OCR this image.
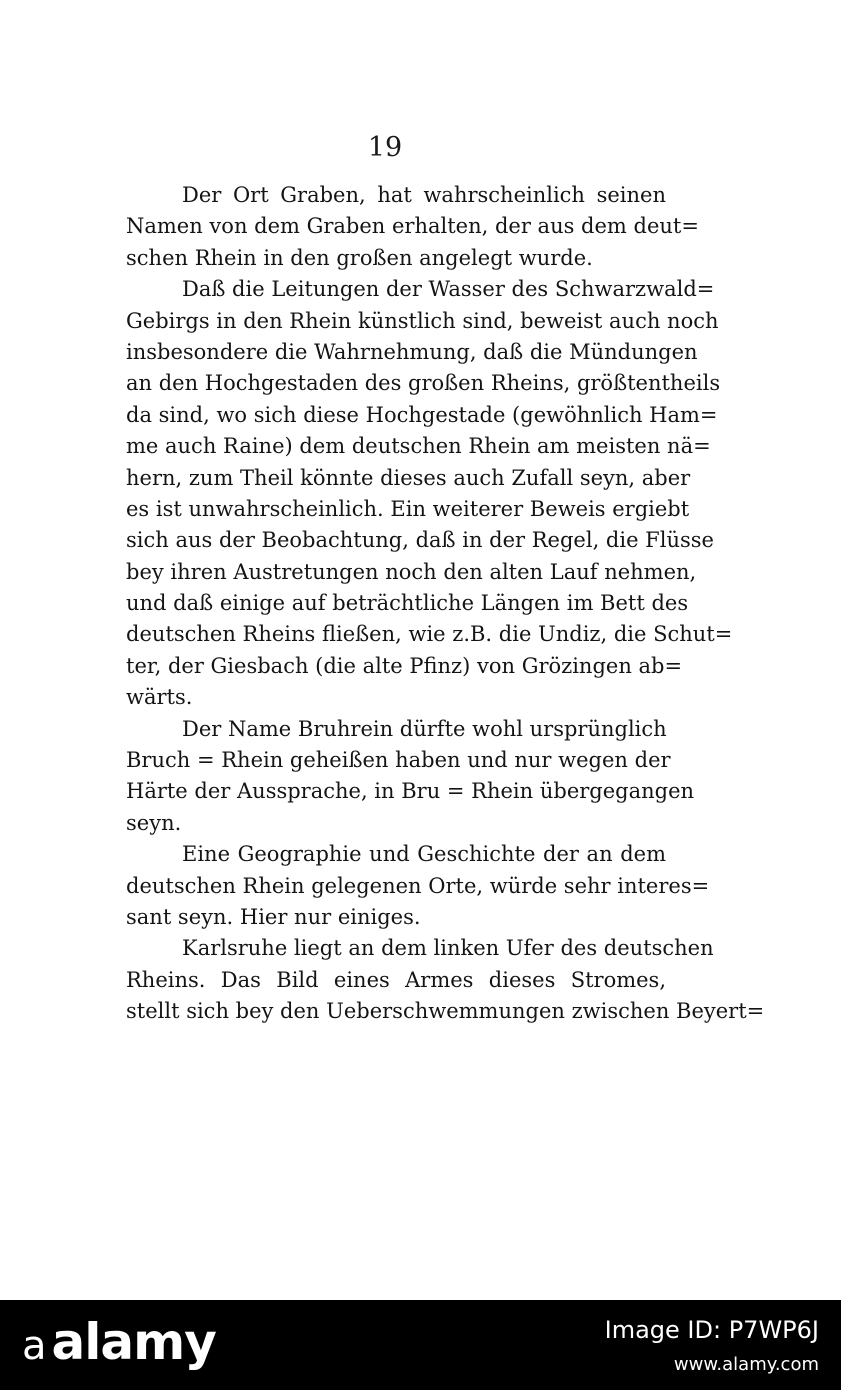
19
Der Ort Graben, hat wahrscheinlich seinen
Namen von dem Graben erhalten, der aus dem deut=
schen Rhein in den großen angelegt wurde.
Daß die Leitungen der Wasser des Schwarzwald=
Gebirgs in den Rhein künstlich sind, beweist auch noch
insbesondere die Wahrnehmung, daß die Mündungen
an den Hochgestaden des großen Rheins, größtentheils
da sind, wo sich diese Hochgestade (gewöhnlich Ham=
me auch Raine) dem deutschen Rhein am meisten nä=
hern, zum Theil könnte dieses auch Zufall seyn, aber
es ist unwahrscheinlich. Ein weiterer Beweis ergiebt
sich aus der Beobachtung, daß in der Regel, die Flüsse
bey ihren Austretungen noch den alten Lauf nehmen,
und daß einige auf beträchtliche Längen im Bett des
deutschen Rheins fließen, wie z.B. die Undiz, die Schut=
ter, der Giesbach (die alte Pfinz) von Grözingen ab=
wärts.
Der Name Bruhrein dürfte wohl ursprünglich
Bruch = Rhein geheißen haben und nur wegen der
Härte der Aussprache, in Bru = Rhein übergegangen
seyn.
Eine Geographie und Geschichte der an dem
deutschen Rhein gelegenen Orte, würde sehr interes=
sant seyn. Hier nur einiges.
Karlsruhe liegt an dem linken Ufer des deutschen
Rheins. Das Bild eines Armes dieses Stromes,
stellt sich bey den Ueberschwemmungen zwischen Beyert=
a alamy	Image ID: P7WP6J
www.alamy.com
